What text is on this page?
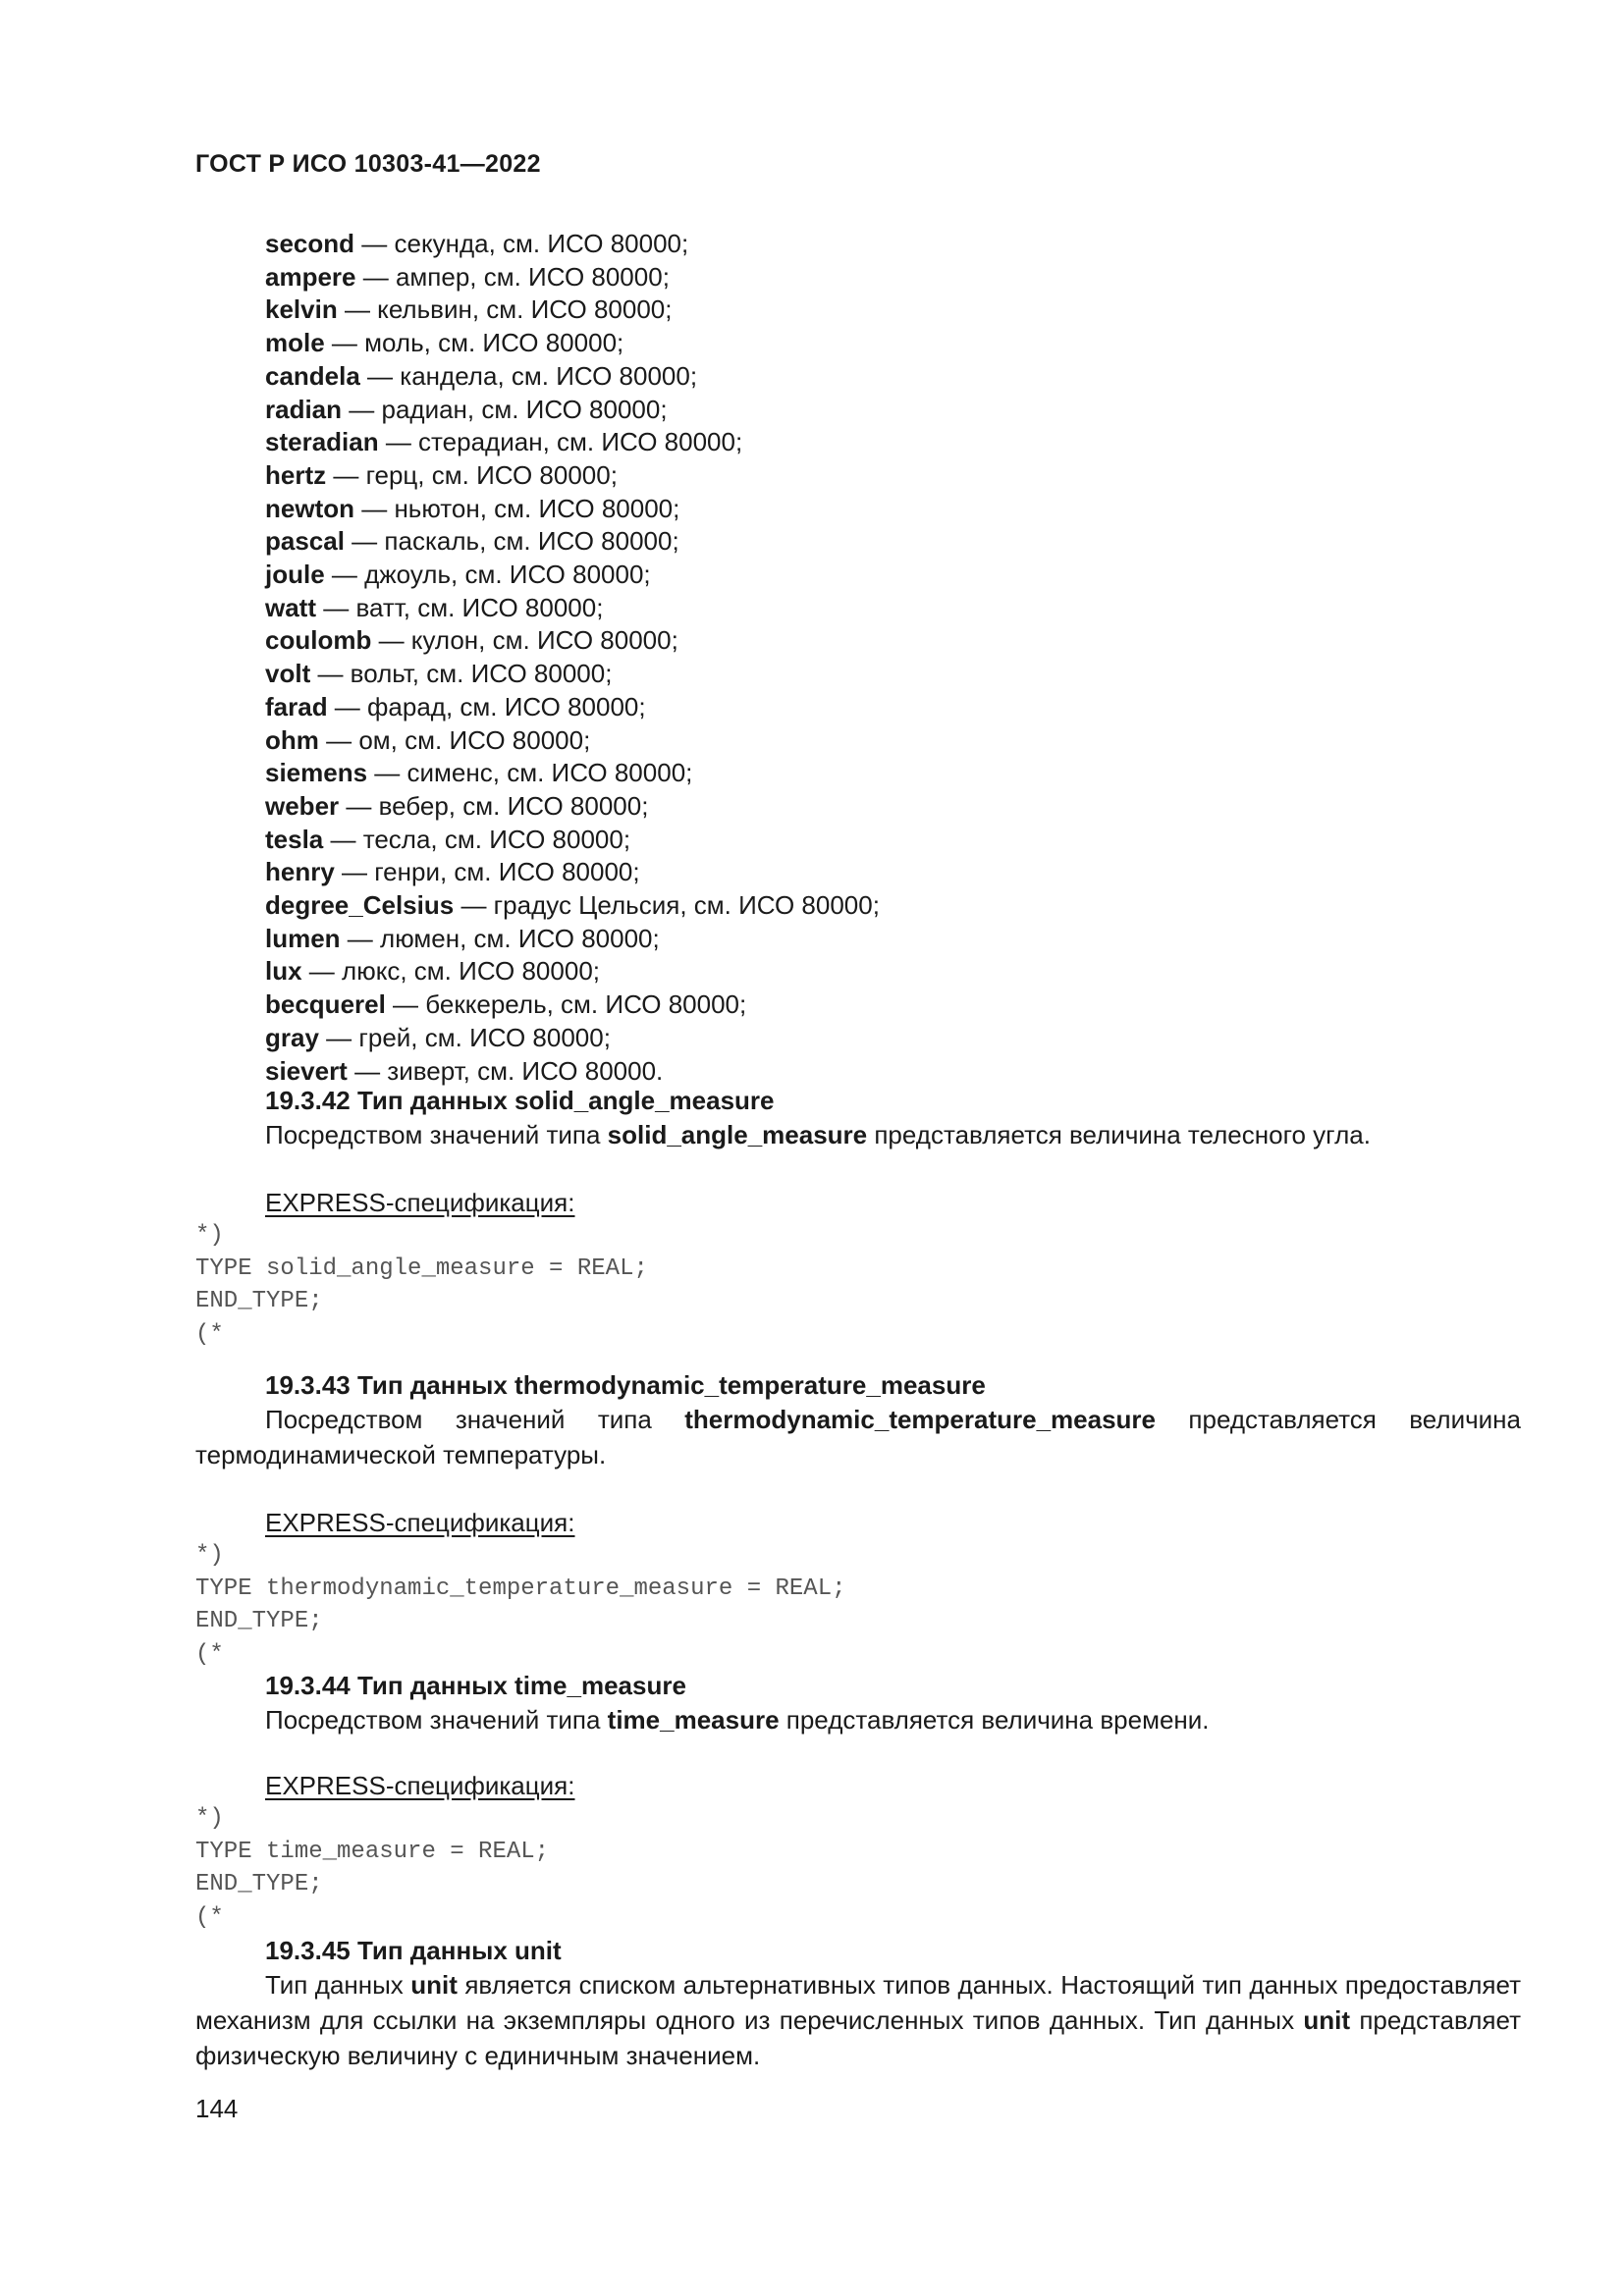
ГОСТ Р ИСО 10303-41—2022
second — секунда, см. ИСО 80000;
ampere — ампер, см. ИСО 80000;
kelvin — кельвин, см. ИСО 80000;
mole — моль, см. ИСО 80000;
candela — кандела, см. ИСО 80000;
radian — радиан, см. ИСО 80000;
steradian — стерадиан, см. ИСО 80000;
hertz — герц, см. ИСО 80000;
newton — ньютон, см. ИСО 80000;
pascal — паскаль, см. ИСО 80000;
joule — джоуль, см. ИСО 80000;
watt — ватт, см. ИСО 80000;
coulomb — кулон, см. ИСО 80000;
volt — вольт, см. ИСО 80000;
farad — фарад, см. ИСО 80000;
ohm — ом, см. ИСО 80000;
siemens — сименс, см. ИСО 80000;
weber — вебер, см. ИСО 80000;
tesla — тесла, см. ИСО 80000;
henry — генри, см. ИСО 80000;
degree_Celsius — градус Цельсия, см. ИСО 80000;
lumen — люмен, см. ИСО 80000;
lux — люкс, см. ИСО 80000;
becquerel — беккерель, см. ИСО 80000;
gray — грей, см. ИСО 80000;
sievert — зиверт, см. ИСО 80000.
19.3.42 Тип данных solid_angle_measure
Посредством значений типа solid_angle_measure представляется величина телесного угла.
EXPRESS-спецификация:
*)
TYPE solid_angle_measure = REAL;
END_TYPE;
(*
19.3.43 Тип данных thermodynamic_temperature_measure
Посредством значений типа thermodynamic_temperature_measure представляется величина термодинамической температуры.
EXPRESS-спецификация:
*)
TYPE thermodynamic_temperature_measure = REAL;
END_TYPE;
(*
19.3.44 Тип данных time_measure
Посредством значений типа time_measure представляется величина времени.
EXPRESS-спецификация:
*)
TYPE time_measure = REAL;
END_TYPE;
(*
19.3.45 Тип данных unit
Тип данных unit является списком альтернативных типов данных. Настоящий тип данных предоставляет механизм для ссылки на экземпляры одного из перечисленных типов данных. Тип данных unit представляет физическую величину с единичным значением.
144
